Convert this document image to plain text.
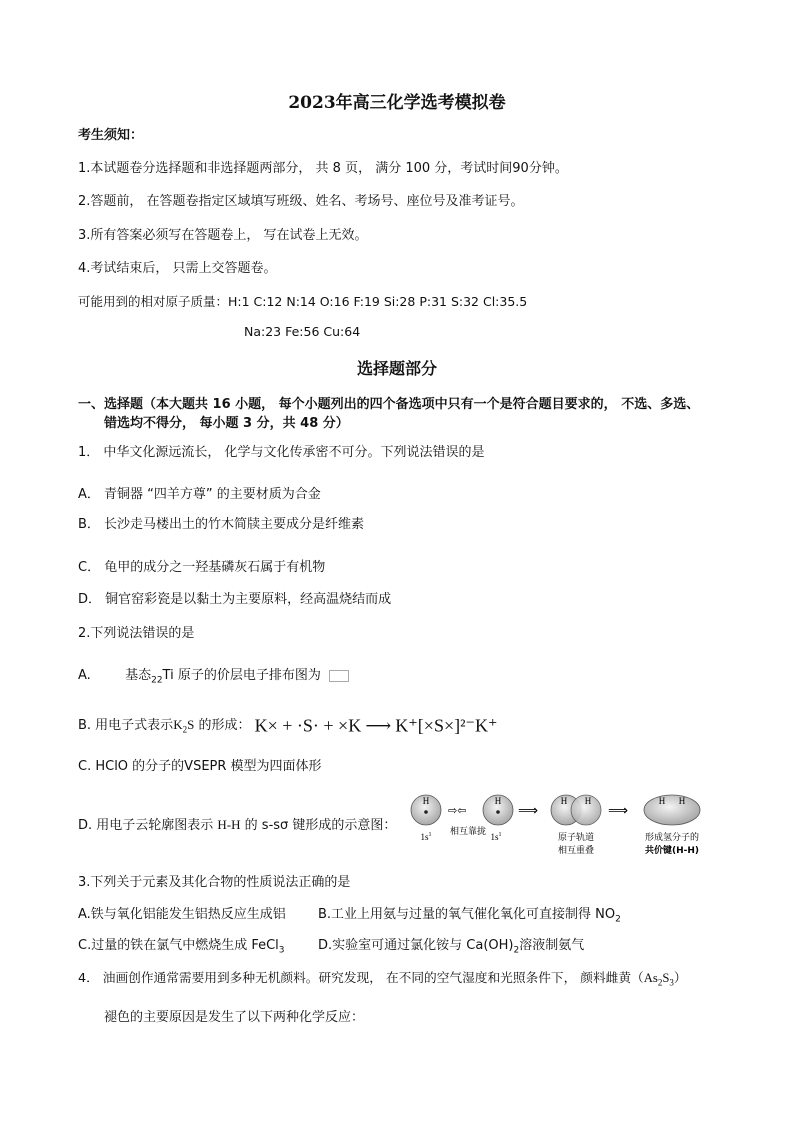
2023年高三化学选考模拟卷
考生须知：
1.本试题卷分选择题和非选择题两部分， 共 8 页， 满分 100 分，考试时间90分钟。
2.答题前， 在答题卷指定区域填写班级、姓名、考场号、座位号及准考证号。
3.所有答案必须写在答题卷上， 写在试卷上无效。
4.考试结束后， 只需上交答题卷。
可能用到的相对原子质量：H:1 C:12 N:14 O:16 F:19 Si:28 P:31 S:32 Cl:35.5
Na:23 Fe:56 Cu:64
选择题部分
一、选择题（本大题共 16 小题， 每个小题列出的四个备选项中只有一个是符合题目要求的， 不选、多选、
错选均不得分， 每小题 3 分，共 48 分）
1． 中华文化源远流长， 化学与文化传承密不可分。下列说法错误的是
A． 青铜器 “四羊方尊” 的主要材质为合金
B． 长沙走马楼出土的竹木简牍主要成分是纤维素
C． 龟甲的成分之一羟基磷灰石属于有机物
D． 铜官窑彩瓷是以黏土为主要原料，经高温烧结而成
2.下列说法错误的是
A.	基态$_{22}$Ti 原子的价层电子排布图为
B. 用电子式表示$K_2S$ 的形成： K× + ·S· + ×K ⟶ K⁺[×S×]²⁻K⁺
C. HClO 的分子的VSEPR 模型为四面体形
D. 用电子云轮廓图表示 H-H 的 s-sσ 键形成的示意图：
H
$1s^1$
⇨⇦
H
相互靠拢 $1s^1$
⟹
H H
原子轨道
相互重叠
⟹
H H
形成氢分子的
共价键(H-H)
3.下列关于元素及其化合物的性质说法正确的是
A.铁与氧化铝能发生铝热反应生成铝 B.工业上用氨与过量的氧气催化氧化可直接制得 $NO_2$
C.过量的铁在氯气中燃烧生成 FeCl$_3$	D.实验室可通过氯化铵与 $Ca(OH)_2$溶液制氨气
4． 油画创作通常需要用到多种无机颜料。研究发现， 在不同的空气湿度和光照条件下， 颜料雌黄$(As_2S_3)$
褪色的主要原因是发生了以下两种化学反应：
